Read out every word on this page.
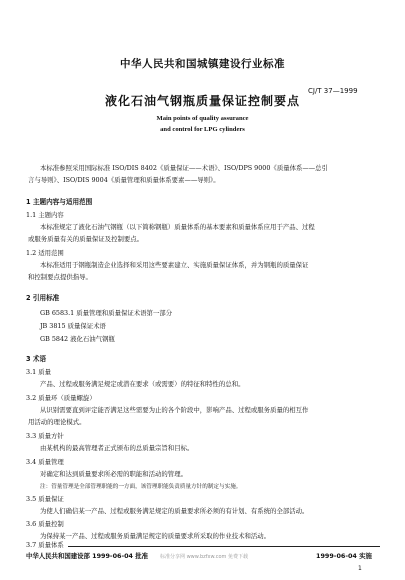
中华人民共和国城镇建设行业标准
CJ/T 37—1999
液化石油气钢瓶质量保证控制要点
Main points of quality assurance
and control for LPG cylinders
本标准参照采用国际标准 ISO/DIS 8402《质量保证——术语》、ISO/DPS 9000《质量体系——总引
言与导则》、ISO/DIS 9004《质量管理和质量体系要素——导则》。
1 主题内容与适用范围
1.1 主题内容
本标准规定了液化石油气钢瓶（以下简称钢瓶）质量体系的基本要素和质量体系应用于产品、过程
或服务质量有关的质量保证及控制要点。
1.2 适用范围
本标准适用于钢瓶制造企业选择和采用这些要素建立、实施质量保证体系，并为钢瓶的质量保证
和控制要点提供指导。
2 引用标准
GB 6583.1 质量管理和质量保证术语第一部分
JB 3815 质量保证术语
GB 5842 液化石油气钢瓶
3 术语
3.1 质量
产品、过程或服务满足规定或潜在要求（或需要）的特征和特性的总和。
3.2 质量环（质量螺旋）
从识别需要直到评定能否满足这些需要为止的各个阶段中，影响产品、过程或服务质量的相互作
用活动的理论模式。
3.3 质量方针
由某机构的最高管理者正式颁布的总质量宗旨和目标。
3.4 质量管理
对确定和达到质量要求所必需的职能和活动的管理。
注：管量管理是全部管理职能的一方面，该管理职能负责质量方针的制定与实施。
3.5 质量保证
为使人们确信某一产品、过程或服务满足规定的质量要求所必须的有计划、有系统的全部活动。
3.6 质量控制
为保持某一产品、过程或服务质量满足规定的质量要求所采取的作业技术和活动。
3.7 质量体系
中华人民共和国建设部 1999-06-04 批准 标准分享网 www.bzfxw.com 免费下载	1999-06-04 实施
1
